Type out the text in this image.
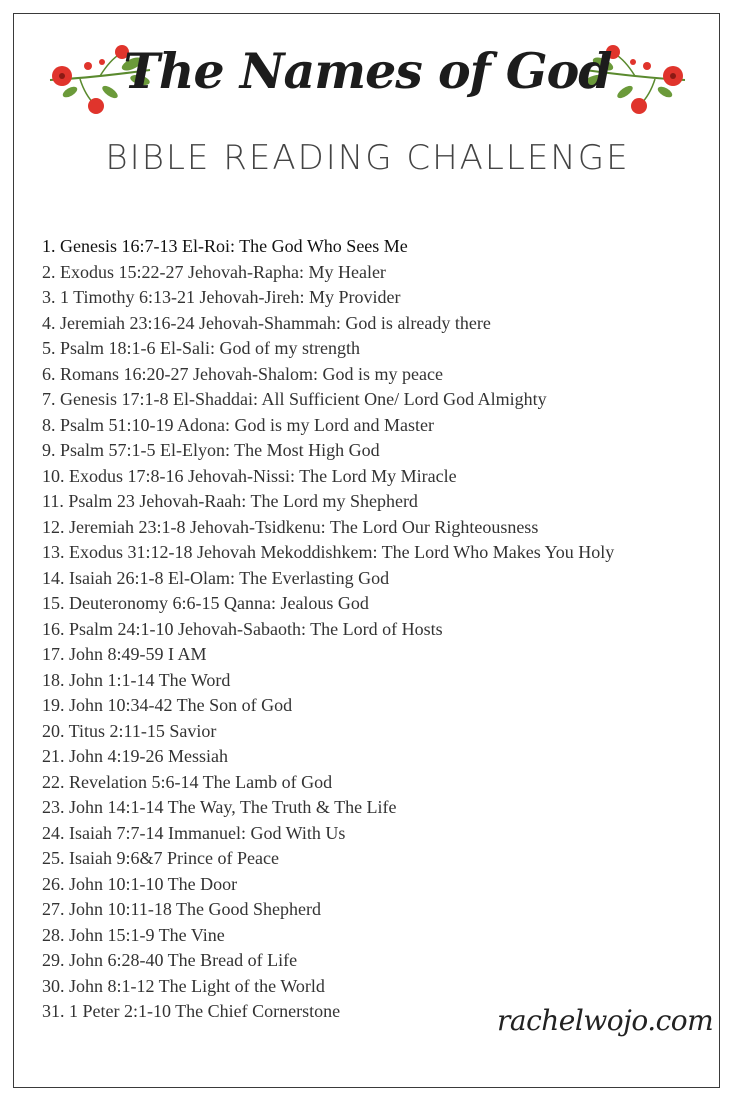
The Names of God
BIBLE READING CHALLENGE
1. Genesis 16:7-13 El-Roi: The God Who Sees Me
2. Exodus 15:22-27 Jehovah-Rapha: My Healer
3. 1 Timothy 6:13-21 Jehovah-Jireh: My Provider
4. Jeremiah 23:16-24 Jehovah-Shammah: God is already there
5. Psalm 18:1-6 El-Sali: God of my strength
6. Romans 16:20-27 Jehovah-Shalom: God is my peace
7. Genesis 17:1-8 El-Shaddai: All Sufficient One/ Lord God Almighty
8. Psalm 51:10-19 Adona: God is my Lord and Master
9. Psalm 57:1-5 El-Elyon: The Most High God
10. Exodus 17:8-16 Jehovah-Nissi: The Lord My Miracle
11. Psalm 23 Jehovah-Raah: The Lord my Shepherd
12. Jeremiah 23:1-8 Jehovah-Tsidkenu: The Lord Our Righteousness
13. Exodus 31:12-18 Jehovah Mekoddishkem: The Lord Who Makes You Holy
14. Isaiah 26:1-8 El-Olam: The Everlasting God
15. Deuteronomy 6:6-15 Qanna: Jealous God
16. Psalm 24:1-10 Jehovah-Sabaoth: The Lord of Hosts
17. John 8:49-59 I AM
18. John 1:1-14 The Word
19. John 10:34-42 The Son of God
20. Titus 2:11-15 Savior
21. John 4:19-26 Messiah
22. Revelation 5:6-14 The Lamb of God
23. John 14:1-14 The Way, The Truth & The Life
24. Isaiah 7:7-14 Immanuel: God With Us
25. Isaiah 9:6&7 Prince of Peace
26. John 10:1-10 The Door
27. John 10:11-18 The Good Shepherd
28. John 15:1-9 The Vine
29. John 6:28-40 The Bread of Life
30. John 8:1-12 The Light of the World
31. 1 Peter 2:1-10 The Chief Cornerstone	rachelwojo.com
